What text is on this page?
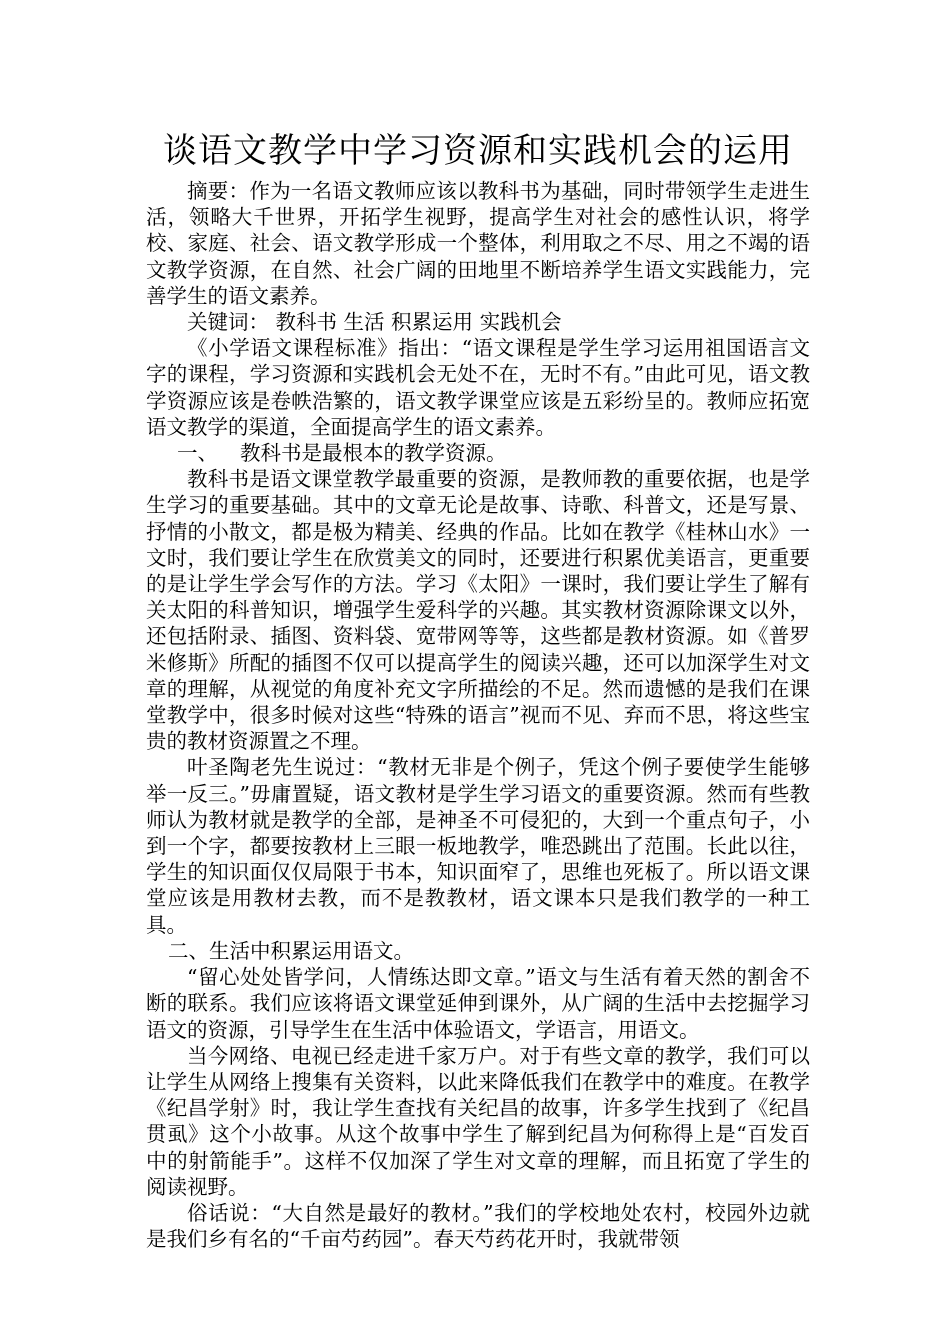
谈语文教学中学习资源和实践机会的运用

摘要：作为一名语文教师应该以教科书为基础，同时带领学生走进生活，领略大千世界，开拓学生视野，提高学生对社会的感性认识，将学校、家庭、社会、语文教学形成一个整体，利用取之不尽、用之不竭的语文教学资源，在自然、社会广阔的田地里不断培养学生语文实践能力，完善学生的语文素养。

关键词： 教科书 生活 积累运用 实践机会

《小学语文课程标准》指出：“语文课程是学生学习运用祖国语言文字的课程，学习资源和实践机会无处不在，无时不有。”由此可见，语文教学资源应该是卷帙浩繁的，语文教学课堂应该是五彩纷呈的。教师应拓宽语文教学的渠道，全面提高学生的语文素养。

一、 教科书是最根本的教学资源。

教科书是语文课堂教学最重要的资源，是教师教的重要依据，也是学生学习的重要基础。其中的文章无论是故事、诗歌、科普文，还是写景、抒情的小散文，都是极为精美、经典的作品。比如在教学《桂林山水》一文时，我们要让学生在欣赏美文的同时，还要进行积累优美语言，更重要的是让学生学会写作的方法。学习《太阳》一课时，我们要让学生了解有关太阳的科普知识，增强学生爱科学的兴趣。其实教材资源除课文以外，还包括附录、插图、资料袋、宽带网等等，这些都是教材资源。如《普罗米修斯》所配的插图不仅可以提高学生的阅读兴趣，还可以加深学生对文章的理解，从视觉的角度补充文字所描绘的不足。然而遗憾的是我们在课堂教学中，很多时候对这些“特殊的语言”视而不见、弃而不思，将这些宝贵的教材资源置之不理。

叶圣陶老先生说过：“教材无非是个例子，凭这个例子要使学生能够举一反三。”毋庸置疑，语文教材是学生学习语文的重要资源。然而有些教师认为教材就是教学的全部，是神圣不可侵犯的，大到一个重点句子，小到一个字，都要按教材上三眼一板地教学，唯恐跳出了范围。长此以往，学生的知识面仅仅局限于书本，知识面窄了，思维也死板了。所以语文课堂应该是用教材去教，而不是教教材，语文课本只是我们教学的一种工具。

二、生活中积累运用语文。

“留心处处皆学问，人情练达即文章。”语文与生活有着天然的割舍不断的联系。我们应该将语文课堂延伸到课外，从广阔的生活中去挖掘学习语文的资源，引导学生在生活中体验语文，学语言，用语文。

当今网络、电视已经走进千家万户。对于有些文章的教学，我们可以让学生从网络上搜集有关资料，以此来降低我们在教学中的难度。在教学《纪昌学射》时，我让学生查找有关纪昌的故事，许多学生找到了《纪昌贯虱》这个小故事。从这个故事中学生了解到纪昌为何称得上是“百发百中的射箭能手”。这样不仅加深了学生对文章的理解，而且拓宽了学生的阅读视野。

俗话说：“大自然是最好的教材。”我们的学校地处农村，校园外边就是我们乡有名的“千亩芍药园”。春天芍药花开时，我就带领
